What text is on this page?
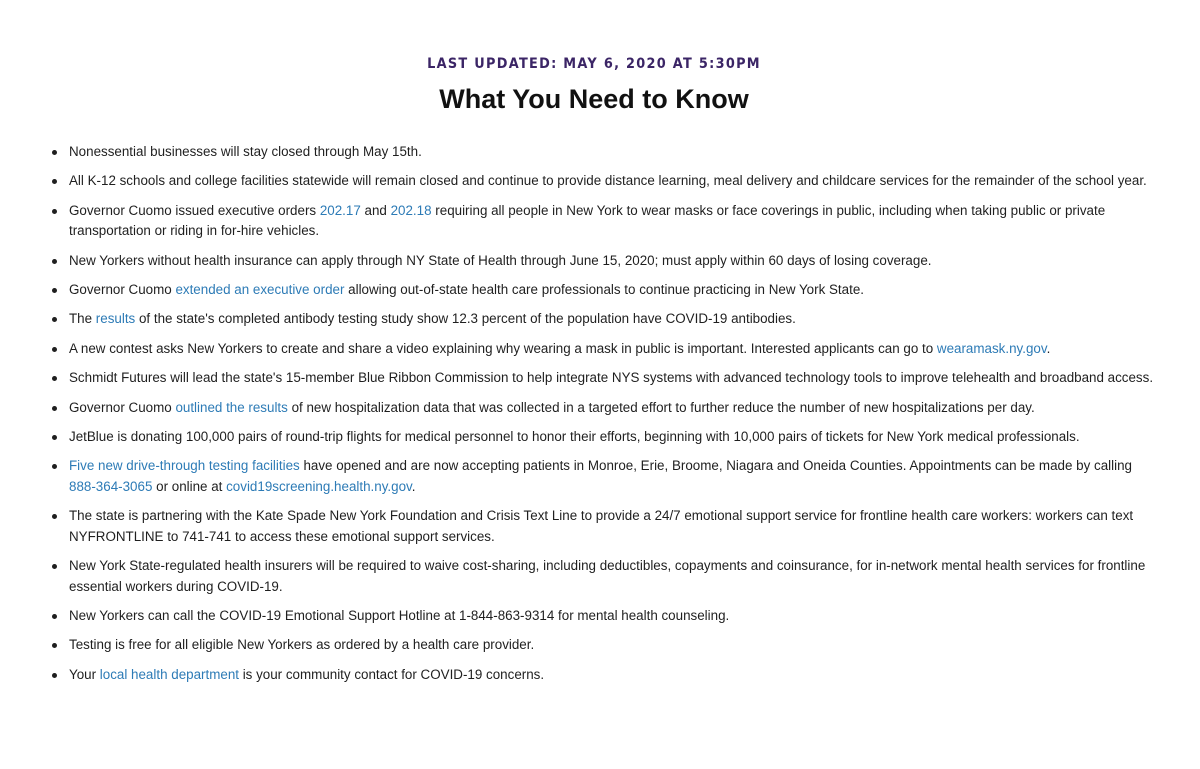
LAST UPDATED: MAY 6, 2020 AT 5:30PM
What You Need to Know
Nonessential businesses will stay closed through May 15th.
All K-12 schools and college facilities statewide will remain closed and continue to provide distance learning, meal delivery and childcare services for the remainder of the school year.
Governor Cuomo issued executive orders 202.17 and 202.18 requiring all people in New York to wear masks or face coverings in public, including when taking public or private transportation or riding in for-hire vehicles.
New Yorkers without health insurance can apply through NY State of Health through June 15, 2020; must apply within 60 days of losing coverage.
Governor Cuomo extended an executive order allowing out-of-state health care professionals to continue practicing in New York State.
The results of the state's completed antibody testing study show 12.3 percent of the population have COVID-19 antibodies.
A new contest asks New Yorkers to create and share a video explaining why wearing a mask in public is important. Interested applicants can go to wearamask.ny.gov.
Schmidt Futures will lead the state's 15-member Blue Ribbon Commission to help integrate NYS systems with advanced technology tools to improve telehealth and broadband access.
Governor Cuomo outlined the results of new hospitalization data that was collected in a targeted effort to further reduce the number of new hospitalizations per day.
JetBlue is donating 100,000 pairs of round-trip flights for medical personnel to honor their efforts, beginning with 10,000 pairs of tickets for New York medical professionals.
Five new drive-through testing facilities have opened and are now accepting patients in Monroe, Erie, Broome, Niagara and Oneida Counties. Appointments can be made by calling 888-364-3065 or online at covid19screening.health.ny.gov.
The state is partnering with the Kate Spade New York Foundation and Crisis Text Line to provide a 24/7 emotional support service for frontline health care workers: workers can text NYFRONTLINE to 741-741 to access these emotional support services.
New York State-regulated health insurers will be required to waive cost-sharing, including deductibles, copayments and coinsurance, for in-network mental health services for frontline essential workers during COVID-19.
New Yorkers can call the COVID-19 Emotional Support Hotline at 1-844-863-9314 for mental health counseling.
Testing is free for all eligible New Yorkers as ordered by a health care provider.
Your local health department is your community contact for COVID-19 concerns.
